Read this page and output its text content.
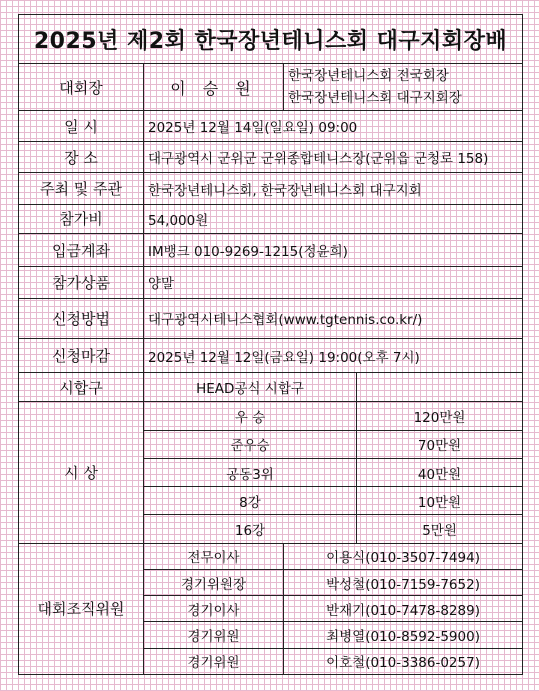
2025년 제2회 한국장년테니스회 대구지회장배			
대회장	이 승 원	한국장년테니스회 전국회장
한국장년테니스회 대구지회장	

일 시	2025년 12월 14일(일요일) 09:00		
장 소	대구광역시 군위군 군위종합테니스장(군위읍 군청로 158)		
주최 및 주관	한국장년테니스회, 한국장년테니스회 대구지회		
참가비	54,000원		
입금계좌	IM뱅크 010-9269-1215(정윤희)		
참가상품	양말		
신청방법	대구광역시테니스협회(www.tgtennis.co.kr/)		
신청마감	2025년 12월 12일(금요일) 19:00(오후 7시)		
시합구	HEAD공식 시합구		
시 상	우 승		120만원
	준우승		70만원
	공동3위		40만원
	8강		10만원
	16강		5만원
대회조직위원	전무이사	이용식(010-3507-7494)	
	경기위원장	박성철(010-7159-7652)	
	경기이사	반재기(010-7478-8289)	
	경기위원	최병열(010-8592-5900)	
	경기위원	이호철(010-3386-0257)	
